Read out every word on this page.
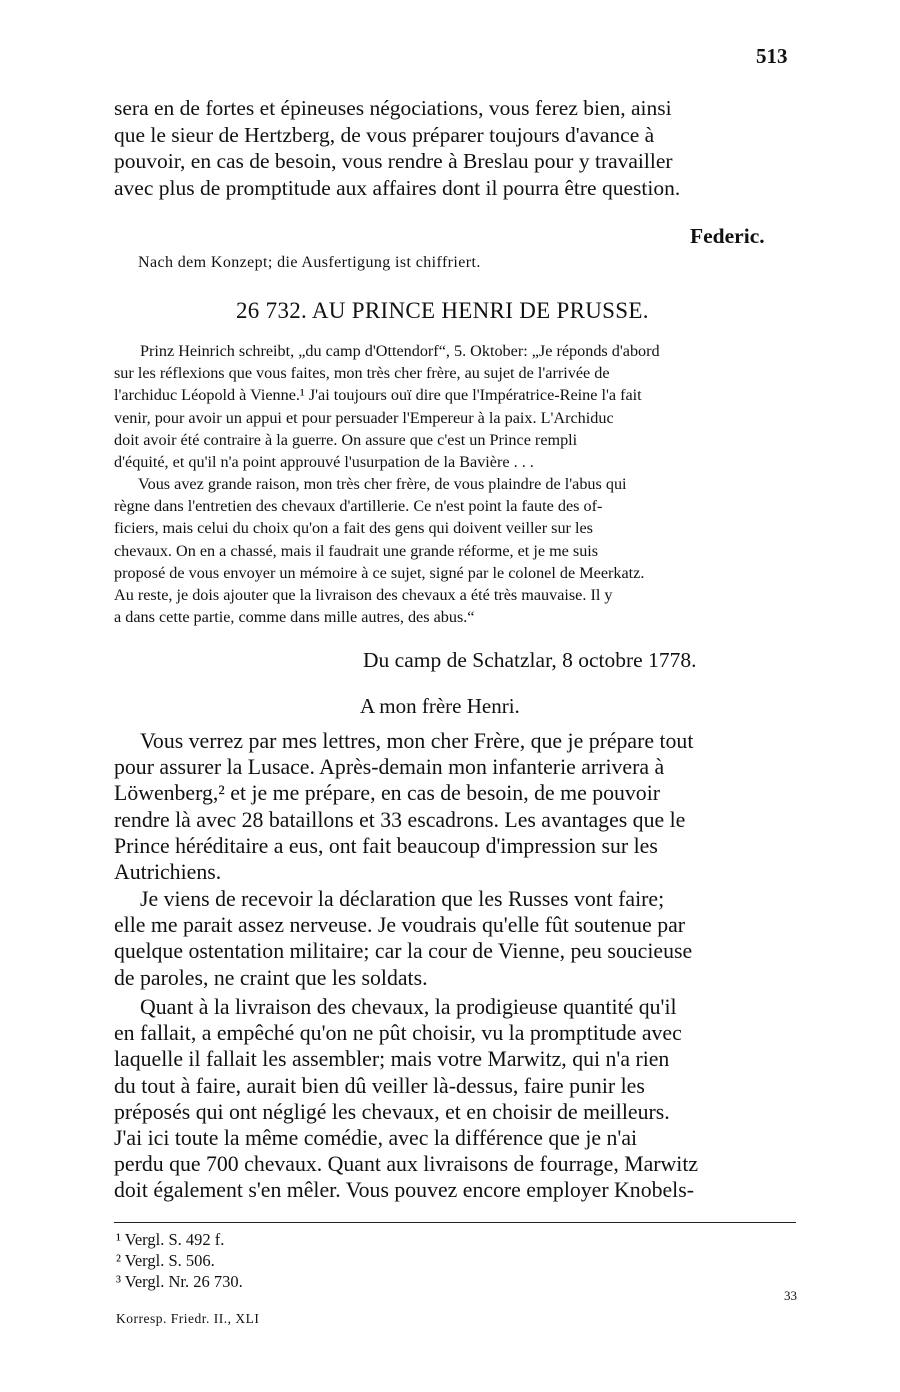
513
sera en de fortes et épineuses négociations, vous ferez bien, ainsi
que le sieur de Hertzberg, de vous préparer toujours d'avance à
pouvoir, en cas de besoin, vous rendre à Breslau pour y travailler
avec plus de promptitude aux affaires dont il pourra être question.
Federic.
Nach dem Konzept; die Ausfertigung ist chiffriert.
26 732. AU PRINCE HENRI DE PRUSSE.
Prinz Heinrich schreibt, „du camp d'Ottendorf“, 5. Oktober: „Je réponds d'abord
sur les réflexions que vous faites, mon très cher frère, au sujet de l'arrivée de
l'archiduc Léopold à Vienne.¹ J'ai toujours ouï dire que l'Impératrice-Reine l'a fait
venir, pour avoir un appui et pour persuader l'Empereur à la paix. L'Archiduc
doit avoir été contraire à la guerre. On assure que c'est un Prince rempli
d'équité, et qu'il n'a point approuvé l'usurpation de la Bavière . . .
Vous avez grande raison, mon très cher frère, de vous plaindre de l'abus qui
règne dans l'entretien des chevaux d'artillerie. Ce n'est point la faute des of-
ficiers, mais celui du choix qu'on a fait des gens qui doivent veiller sur les
chevaux. On en a chassé, mais il faudrait une grande réforme, et je me suis
proposé de vous envoyer un mémoire à ce sujet, signé par le colonel de Meerkatz.
Au reste, je dois ajouter que la livraison des chevaux a été très mauvaise. Il y
a dans cette partie, comme dans mille autres, des abus.“
Du camp de Schatzlar, 8 octobre 1778.
A mon frère Henri.
Vous verrez par mes lettres, mon cher Frère, que je prépare tout
pour assurer la Lusace. Après-demain mon infanterie arrivera à
Löwenberg,² et je me prépare, en cas de besoin, de me pouvoir
rendre là avec 28 bataillons et 33 escadrons. Les avantages que le
Prince héréditaire a eus, ont fait beaucoup d'impression sur les
Autrichiens.
Je viens de recevoir la déclaration que les Russes vont faire;
elle me parait assez nerveuse. Je voudrais qu'elle fût soutenue par
quelque ostentation militaire; car la cour de Vienne, peu soucieuse
de paroles, ne craint que les soldats.
Quant à la livraison des chevaux, la prodigieuse quantité qu'il
en fallait, a empêché qu'on ne pût choisir, vu la promptitude avec
laquelle il fallait les assembler; mais votre Marwitz, qui n'a rien
du tout à faire, aurait bien dû veiller là-dessus, faire punir les
préposés qui ont négligé les chevaux, et en choisir de meilleurs.
J'ai ici toute la même comédie, avec la différence que je n'ai
perdu que 700 chevaux. Quant aux livraisons de fourrage, Marwitz
doit également s'en mêler. Vous pouvez encore employer Knobels-
¹ Vergl. S. 492 f.
² Vergl. S. 506.
³ Vergl. Nr. 26 730.
33
Korresp. Friedr. II., XLI
